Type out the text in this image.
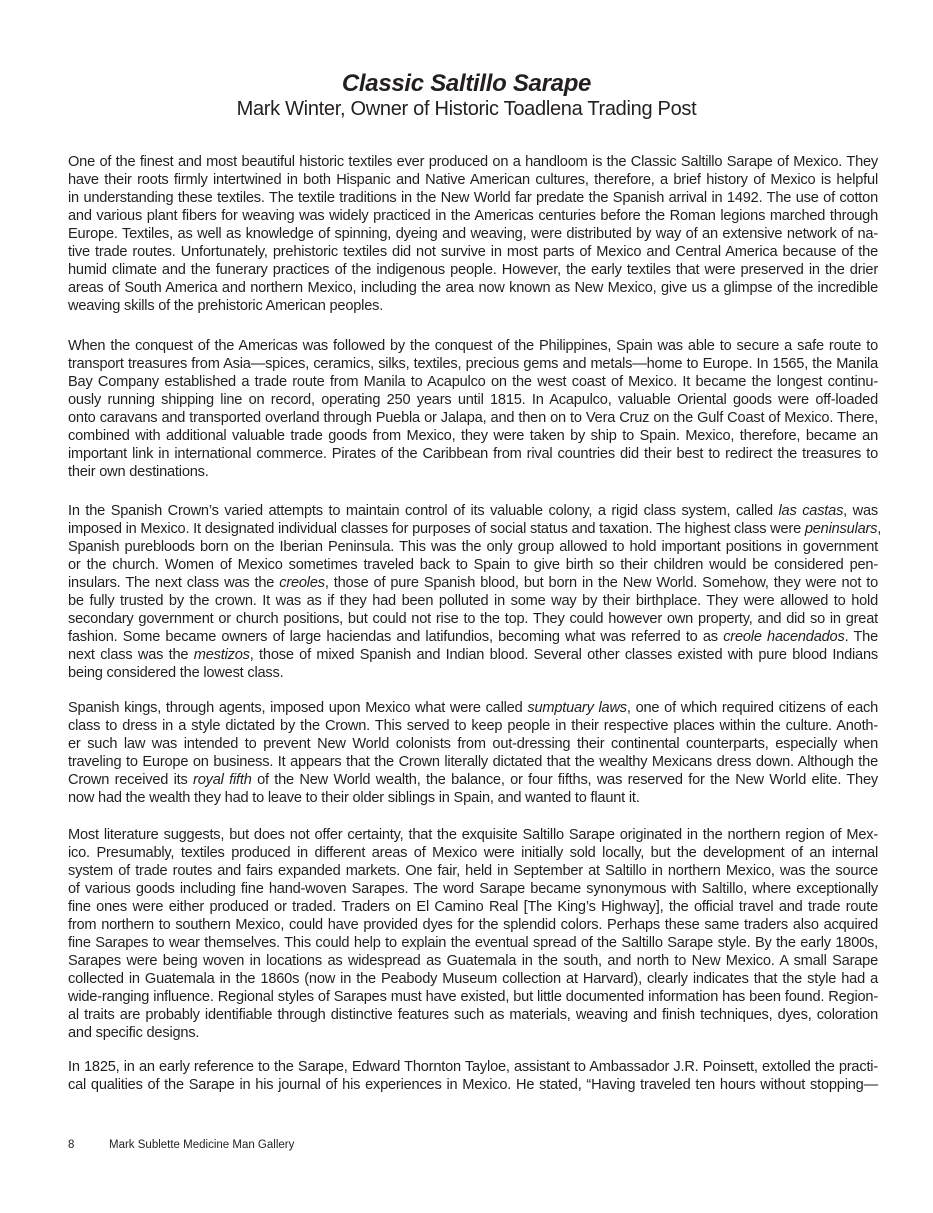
Classic Saltillo Sarape
Mark Winter, Owner of Historic Toadlena Trading Post
One of the finest and most beautiful historic textiles ever produced on a handloom is the Classic Saltillo Sarape of Mexico. They
have their roots firmly intertwined in both Hispanic and Native American cultures, therefore, a brief history of Mexico is helpful
in understanding these textiles. The textile traditions in the New World far predate the Spanish arrival in 1492. The use of cotton
and various plant fibers for weaving was widely practiced in the Americas centuries before the Roman legions marched through
Europe. Textiles, as well as knowledge of spinning, dyeing and weaving, were distributed by way of an extensive network of na-
tive trade routes. Unfortunately, prehistoric textiles did not survive in most parts of Mexico and Central America because of the
humid climate and the funerary practices of the indigenous people. However, the early textiles that were preserved in the drier
areas of South America and northern Mexico, including the area now known as New Mexico, give us a glimpse of the incredible
weaving skills of the prehistoric American peoples.
When the conquest of the Americas was followed by the conquest of the Philippines, Spain was able to secure a safe route to
transport treasures from Asia—spices, ceramics, silks, textiles, precious gems and metals—home to Europe. In 1565, the Manila
Bay Company established a trade route from Manila to Acapulco on the west coast of Mexico. It became the longest continu-
ously running shipping line on record, operating 250 years until 1815. In Acapulco, valuable Oriental goods were off-loaded
onto caravans and transported overland through Puebla or Jalapa, and then on to Vera Cruz on the Gulf Coast of Mexico. There,
combined with additional valuable trade goods from Mexico, they were taken by ship to Spain. Mexico, therefore, became an
important link in international commerce. Pirates of the Caribbean from rival countries did their best to redirect the treasures to
their own destinations.
In the Spanish Crown’s varied attempts to maintain control of its valuable colony, a rigid class system, called las castas, was
imposed in Mexico. It designated individual classes for purposes of social status and taxation. The highest class were peninsulars,
Spanish purebloods born on the Iberian Peninsula. This was the only group allowed to hold important positions in government
or the church. Women of Mexico sometimes traveled back to Spain to give birth so their children would be considered pen-
insulars. The next class was the creoles, those of pure Spanish blood, but born in the New World. Somehow, they were not to
be fully trusted by the crown. It was as if they had been polluted in some way by their birthplace. They were allowed to hold
secondary government or church positions, but could not rise to the top. They could however own property, and did so in great
fashion. Some became owners of large haciendas and latifundios, becoming what was referred to as creole hacendados. The
next class was the mestizos, those of mixed Spanish and Indian blood. Several other classes existed with pure blood Indians
being considered the lowest class.
Spanish kings, through agents, imposed upon Mexico what were called sumptuary laws, one of which required citizens of each
class to dress in a style dictated by the Crown. This served to keep people in their respective places within the culture. Anoth-
er such law was intended to prevent New World colonists from out-dressing their continental counterparts, especially when
traveling to Europe on business. It appears that the Crown literally dictated that the wealthy Mexicans dress down. Although the
Crown received its royal fifth of the New World wealth, the balance, or four fifths, was reserved for the New World elite. They
now had the wealth they had to leave to their older siblings in Spain, and wanted to flaunt it.
Most literature suggests, but does not offer certainty, that the exquisite Saltillo Sarape originated in the northern region of Mex-
ico. Presumably, textiles produced in different areas of Mexico were initially sold locally, but the development of an internal
system of trade routes and fairs expanded markets. One fair, held in September at Saltillo in northern Mexico, was the source
of various goods including fine hand-woven Sarapes. The word Sarape became synonymous with Saltillo, where exceptionally
fine ones were either produced or traded. Traders on El Camino Real [The King’s Highway], the official travel and trade route
from northern to southern Mexico, could have provided dyes for the splendid colors. Perhaps these same traders also acquired
fine Sarapes to wear themselves. This could help to explain the eventual spread of the Saltillo Sarape style. By the early 1800s,
Sarapes were being woven in locations as widespread as Guatemala in the south, and north to New Mexico. A small Sarape
collected in Guatemala in the 1860s (now in the Peabody Museum collection at Harvard), clearly indicates that the style had a
wide-ranging influence. Regional styles of Sarapes must have existed, but little documented information has been found. Region-
al traits are probably identifiable through distinctive features such as materials, weaving and finish techniques, dyes, coloration
and specific designs.
In 1825, in an early reference to the Sarape, Edward Thornton Tayloe, assistant to Ambassador J.R. Poinsett, extolled the practi-
cal qualities of the Sarape in his journal of his experiences in Mexico. He stated, “Having traveled ten hours without stopping—
8	Mark Sublette Medicine Man Gallery
